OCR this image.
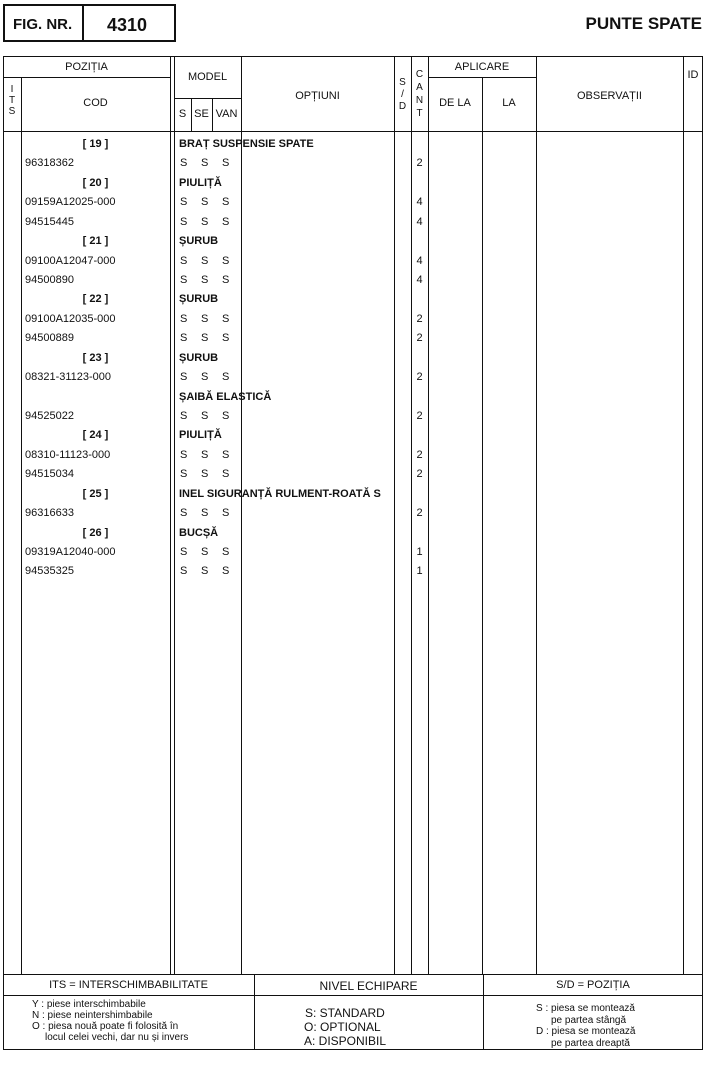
FIG. NR. 4310	PUNTE SPATE
POZIȚIA
I
T
S
COD
MODEL
S SE VAN
OPȚIUNI
S
/
D
C
A
N
T
APLICARE
DE LA	LA
OBSERVAȚII
ID
[ 19 ]	BRAȚ SUSPENSIE SPATE
96318362	S S S	2
[ 20 ]	PIULIȚĂ
09159A12025-000	S S S	4
94515445	S S S	4
[ 21 ]	ȘURUB
09100A12047-000	S S S	4
94500890	S S S	4
[ 22 ]	ȘURUB
09100A12035-000	S S S	2
94500889	S S S	2
[ 23 ]	ȘURUB
08321-31123-000	S S S	2
ȘAIBĂ ELASTICĂ
94525022	S S S	2
[ 24 ]	PIULIȚĂ
08310-11123-000	S S S	2
94515034	S S S	2
[ 25 ]	INEL SIGURANȚĂ RULMENT-ROATĂ S
96316633	S S S	2
[ 26 ]	BUCȘĂ
09319A12040-000	S S S	1
94535325	S S S	1
ITS = INTERSCHIMBABILITATE	NIVEL ECHIPARE	S/D = POZIȚIA
Y : piese interschimbabile
N : piese neintershimbabile
O : piesa nouă poate fi folosită în
locul celei vechi, dar nu și invers
S: STANDARD
O: OPTIONAL
A: DISPONIBIL
S : piesa se montează
pe partea stângă
D : piesa se montează
pe partea dreaptă
